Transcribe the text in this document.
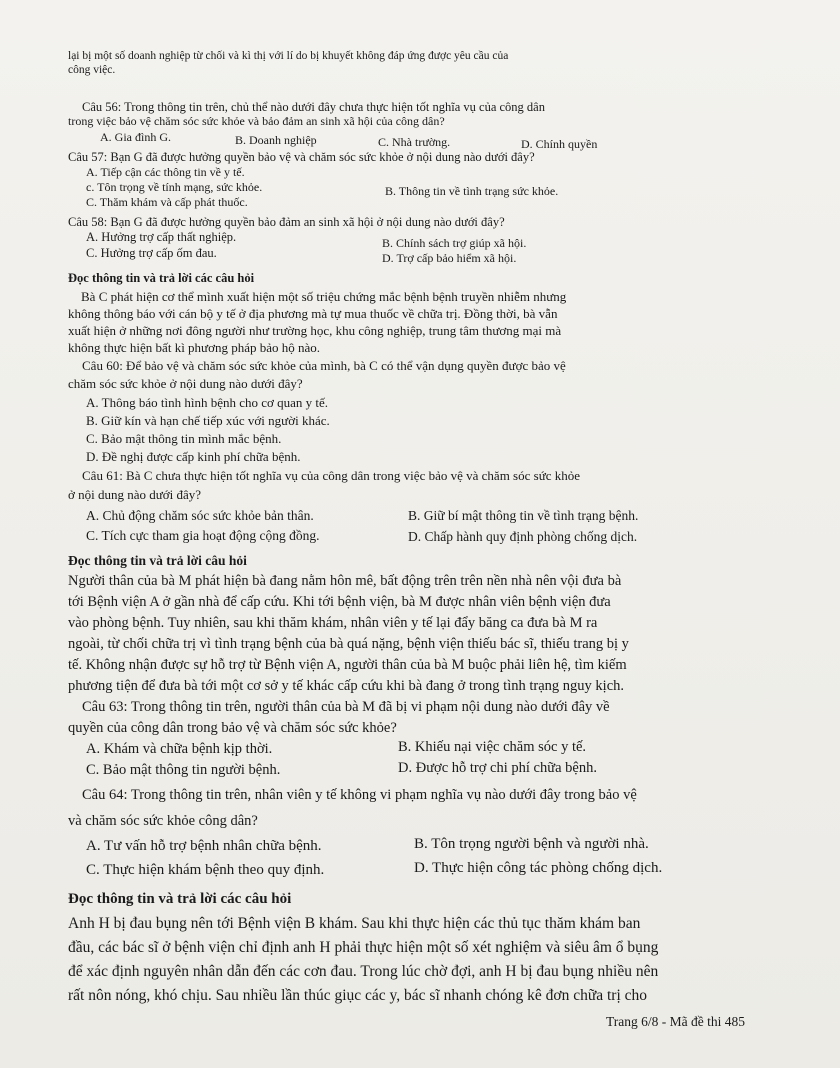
lại bị một số doanh nghiệp từ chối và kì thị với lí do bị khuyết không đáp ứng được yêu cầu của
công việc.
Câu 56: Trong thông tin trên, chủ thể nào dưới đây chưa thực hiện tốt nghĩa vụ của công dân
trong việc bảo vệ chăm sóc sức khỏe và bảo đảm an sinh xã hội của công dân?
A. Gia đình G.	B. Doanh nghiệp	C. Nhà trường.	D. Chính quyền
Câu 57: Bạn G đã được hưởng quyền bảo vệ và chăm sóc sức khỏe ở nội dung nào dưới đây?
A. Tiếp cận các thông tin về y tế.
c. Tôn trọng về tính mạng, sức khỏe.	B. Thông tin về tình trạng sức khỏe.
C. Thăm khám và cấp phát thuốc.
Câu 58: Bạn G đã được hưởng quyền bảo đảm an sinh xã hội ở nội dung nào dưới đây?
A. Hưởng trợ cấp thất nghiệp.	B. Chính sách trợ giúp xã hội.
C. Hưởng trợ cấp ốm đau.	D. Trợ cấp bảo hiểm xã hội.
Đọc thông tin và trả lời các câu hỏi
Bà C phát hiện cơ thể mình xuất hiện một số triệu chứng mắc bệnh bệnh truyền nhiễm nhưng
không thông báo với cán bộ y tế ở địa phương mà tự mua thuốc về chữa trị. Đồng thời, bà vẫn
xuất hiện ở những nơi đông người như trường học, khu công nghiệp, trung tâm thương mại mà
không thực hiện bất kì phương pháp bảo hộ nào.
Câu 60: Để bảo vệ và chăm sóc sức khỏe của mình, bà C có thể vận dụng quyền được bảo vệ
chăm sóc sức khỏe ở nội dung nào dưới đây?
A. Thông báo tình hình bệnh cho cơ quan y tế.
B. Giữ kín và hạn chế tiếp xúc với người khác.
C. Bảo mật thông tin mình mắc bệnh.
D. Đề nghị được cấp kinh phí chữa bệnh.
Câu 61: Bà C chưa thực hiện tốt nghĩa vụ của công dân trong việc bảo vệ và chăm sóc sức khỏe
ở nội dung nào dưới đây?
A. Chủ động chăm sóc sức khỏe bản thân.	B. Giữ bí mật thông tin về tình trạng bệnh.
C. Tích cực tham gia hoạt động cộng đồng.	D. Chấp hành quy định phòng chống dịch.
Đọc thông tin và trả lời câu hỏi
Người thân của bà M phát hiện bà đang nằm hôn mê, bất động trên trên nền nhà nên vội đưa bà
tới Bệnh viện A ở gần nhà để cấp cứu. Khi tới bệnh viện, bà M được nhân viên bệnh viện đưa
vào phòng bệnh. Tuy nhiên, sau khi thăm khám, nhân viên y tế lại đẩy băng ca đưa bà M ra
ngoài, từ chối chữa trị vì tình trạng bệnh của bà quá nặng, bệnh viện thiếu bác sĩ, thiếu trang bị y
tế. Không nhận được sự hỗ trợ từ Bệnh viện A, người thân của bà M buộc phải liên hệ, tìm kiếm
phương tiện để đưa bà tới một cơ sở y tế khác cấp cứu khi bà đang ở trong tình trạng nguy kịch.
Câu 63: Trong thông tin trên, người thân của bà M đã bị vi phạm nội dung nào dưới đây về
quyền của công dân trong bảo vệ và chăm sóc sức khỏe?
A. Khám và chữa bệnh kịp thời.	B. Khiếu nại việc chăm sóc y tế.
C. Bảo mật thông tin người bệnh.	D. Được hỗ trợ chi phí chữa bệnh.
Câu 64: Trong thông tin trên, nhân viên y tế không vi phạm nghĩa vụ nào dưới đây trong bảo vệ
và chăm sóc sức khỏe công dân?
A. Tư vấn hỗ trợ bệnh nhân chữa bệnh.	B. Tôn trọng người bệnh và người nhà.
C. Thực hiện khám bệnh theo quy định.	D. Thực hiện công tác phòng chống dịch.
Đọc thông tin và trả lời các câu hỏi
Anh H bị đau bụng nên tới Bệnh viện B khám. Sau khi thực hiện các thủ tục thăm khám ban
đầu, các bác sĩ ở bệnh viện chỉ định anh H phải thực hiện một số xét nghiệm và siêu âm ổ bụng
để xác định nguyên nhân dẫn đến các cơn đau. Trong lúc chờ đợi, anh H bị đau bụng nhiều nên
rất nôn nóng, khó chịu. Sau nhiều lần thúc giục các y, bác sĩ nhanh chóng kê đơn chữa trị cho
Trang 6/8 - Mã đề thi 485
